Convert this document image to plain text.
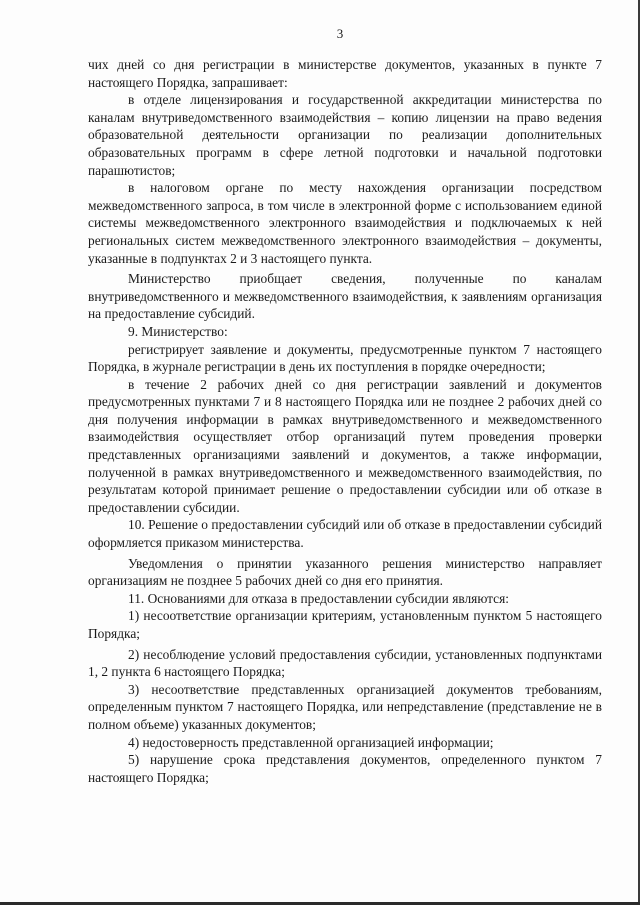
3

чих дней со дня регистрации в министерстве документов, указанных в пункте 7 настоящего Порядка, запрашивает:

в отделе лицензирования и государственной аккредитации министерства по каналам внутриведомственного взаимодействия – копию лицензии на право ведения образовательной деятельности организации по реализации дополнительных образовательных программ в сфере летной подготовки и начальной подготовки парашютистов;

в налоговом органе по месту нахождения организации посредством межведомственного запроса, в том числе в электронной форме с использованием единой системы межведомственного электронного взаимодействия и подключаемых к ней региональных систем межведомственного электронного взаимодействия – документы, указанные в подпунктах 2 и 3 настоящего пункта.

Министерство приобщает сведения, полученные по каналам внутриведомственного и межведомственного взаимодействия, к заявлениям организация на предоставление субсидий.

9. Министерство:

регистрирует заявление и документы, предусмотренные пунктом 7 настоящего Порядка, в журнале регистрации в день их поступления в порядке очередности;

в течение 2 рабочих дней со дня регистрации заявлений и документов предусмотренных пунктами 7 и 8 настоящего Порядка или не позднее 2 рабочих дней со дня получения информации в рамках внутриведомственного и межведомственного взаимодействия осуществляет отбор организаций путем проведения проверки представленных организациями заявлений и документов, а также информации, полученной в рамках внутриведомственного и межведомственного взаимодействия, по результатам которой принимает решение о предоставлении субсидии или об отказе в предоставлении субсидии.

10. Решение о предоставлении субсидий или об отказе в предоставлении субсидий оформляется приказом министерства.

Уведомления о принятии указанного решения министерство направляет организациям не позднее 5 рабочих дней со дня его принятия.

11. Основаниями для отказа в предоставлении субсидии являются:

1) несоответствие организации критериям, установленным пунктом 5 настоящего Порядка;

2) несоблюдение условий предоставления субсидии, установленных подпунктами 1, 2 пункта 6 настоящего Порядка;

3) несоответствие представленных организацией документов требованиям, определенным пунктом 7 настоящего Порядка, или непредставление (представление не в полном объеме) указанных документов;

4) недостоверность представленной организацией информации;

5) нарушение срока представления документов, определенного пунктом 7 настоящего Порядка;
